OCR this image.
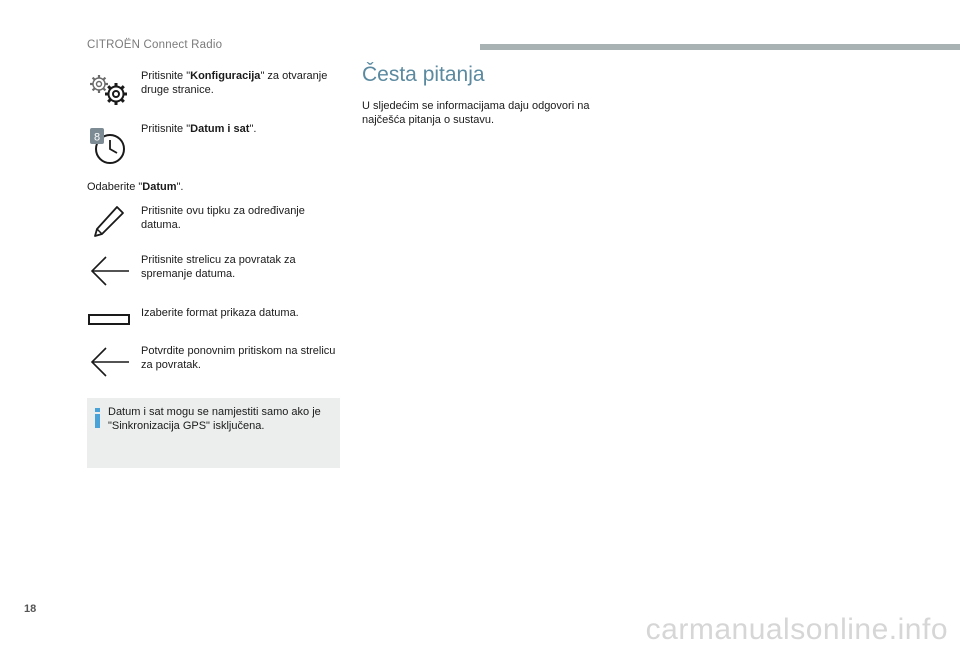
CITROËN Connect Radio
Pritisnite "Konfiguracija" za otvaranje druge stranice.
8
Pritisnite "Datum i sat".
Odaberite "Datum".
Pritisnite ovu tipku za određivanje datuma.
Pritisnite strelicu za povratak za spremanje datuma.
Izaberite format prikaza datuma.
Potvrdite ponovnim pritiskom na strelicu za povratak.
Datum i sat mogu se namjestiti samo ako je "Sinkronizacija GPS" isključena.
Česta pitanja
U sljedećim se informacijama daju odgovori na najčešća pitanja o sustavu.
18
carmanualsonline.info
